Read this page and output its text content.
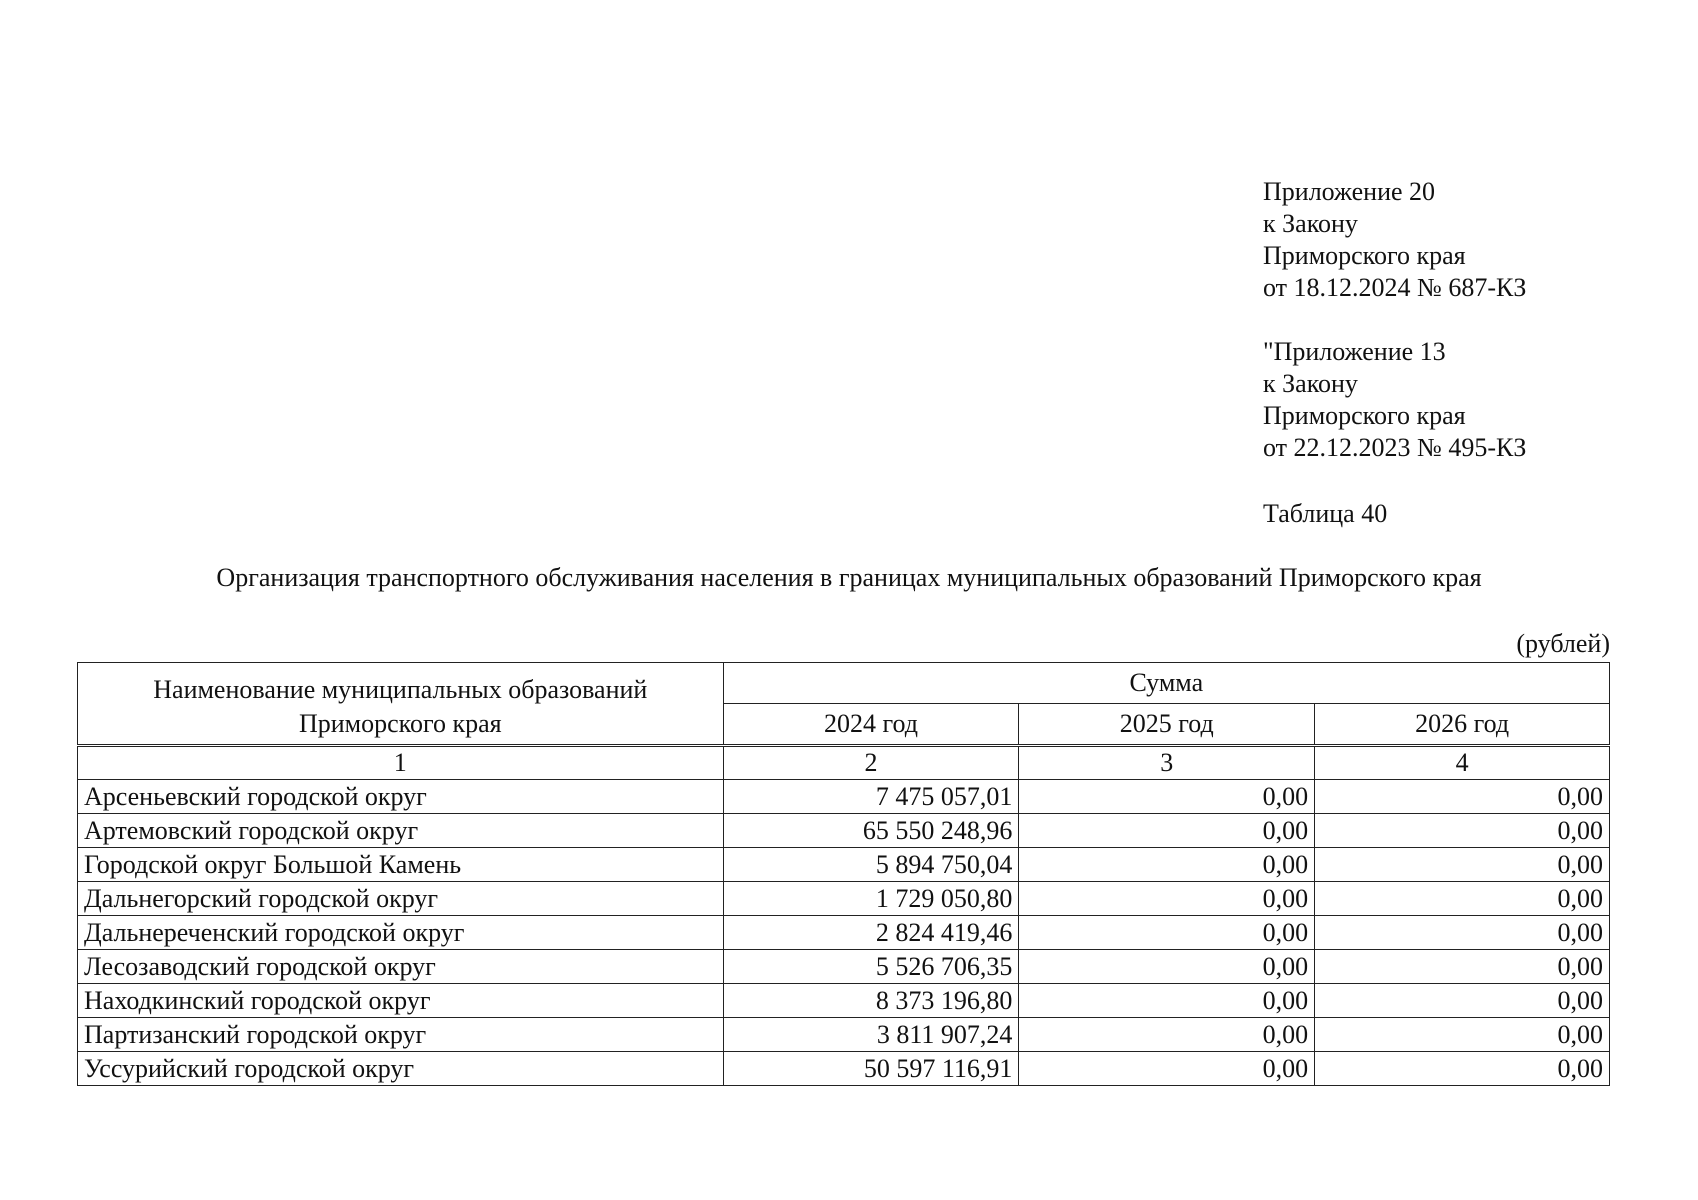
Приложение 20
к Закону
Приморского края
от 18.12.2024 № 687-КЗ
"Приложение 13
к Закону
Приморского края
от 22.12.2023 № 495-КЗ
Таблица 40
Организация транспортного обслуживания населения в границах муниципальных образований Приморского края
(рублей)
Наименование муниципальных образований Приморского края	Сумма		
	2024 год	2025 год	2026 год
1	2	3	4
Арсеньевский городской округ	7 475 057,01	0,00	0,00
Артемовский городской округ	65 550 248,96	0,00	0,00
Городской округ Большой Камень	5 894 750,04	0,00	0,00
Дальнегорский городской округ	1 729 050,80	0,00	0,00
Дальнереченский городской округ	2 824 419,46	0,00	0,00
Лесозаводский городской округ	5 526 706,35	0,00	0,00
Находкинский городской округ	8 373 196,80	0,00	0,00
Партизанский городской округ	3 811 907,24	0,00	0,00
Уссурийский городской округ	50 597 116,91	0,00	0,00
